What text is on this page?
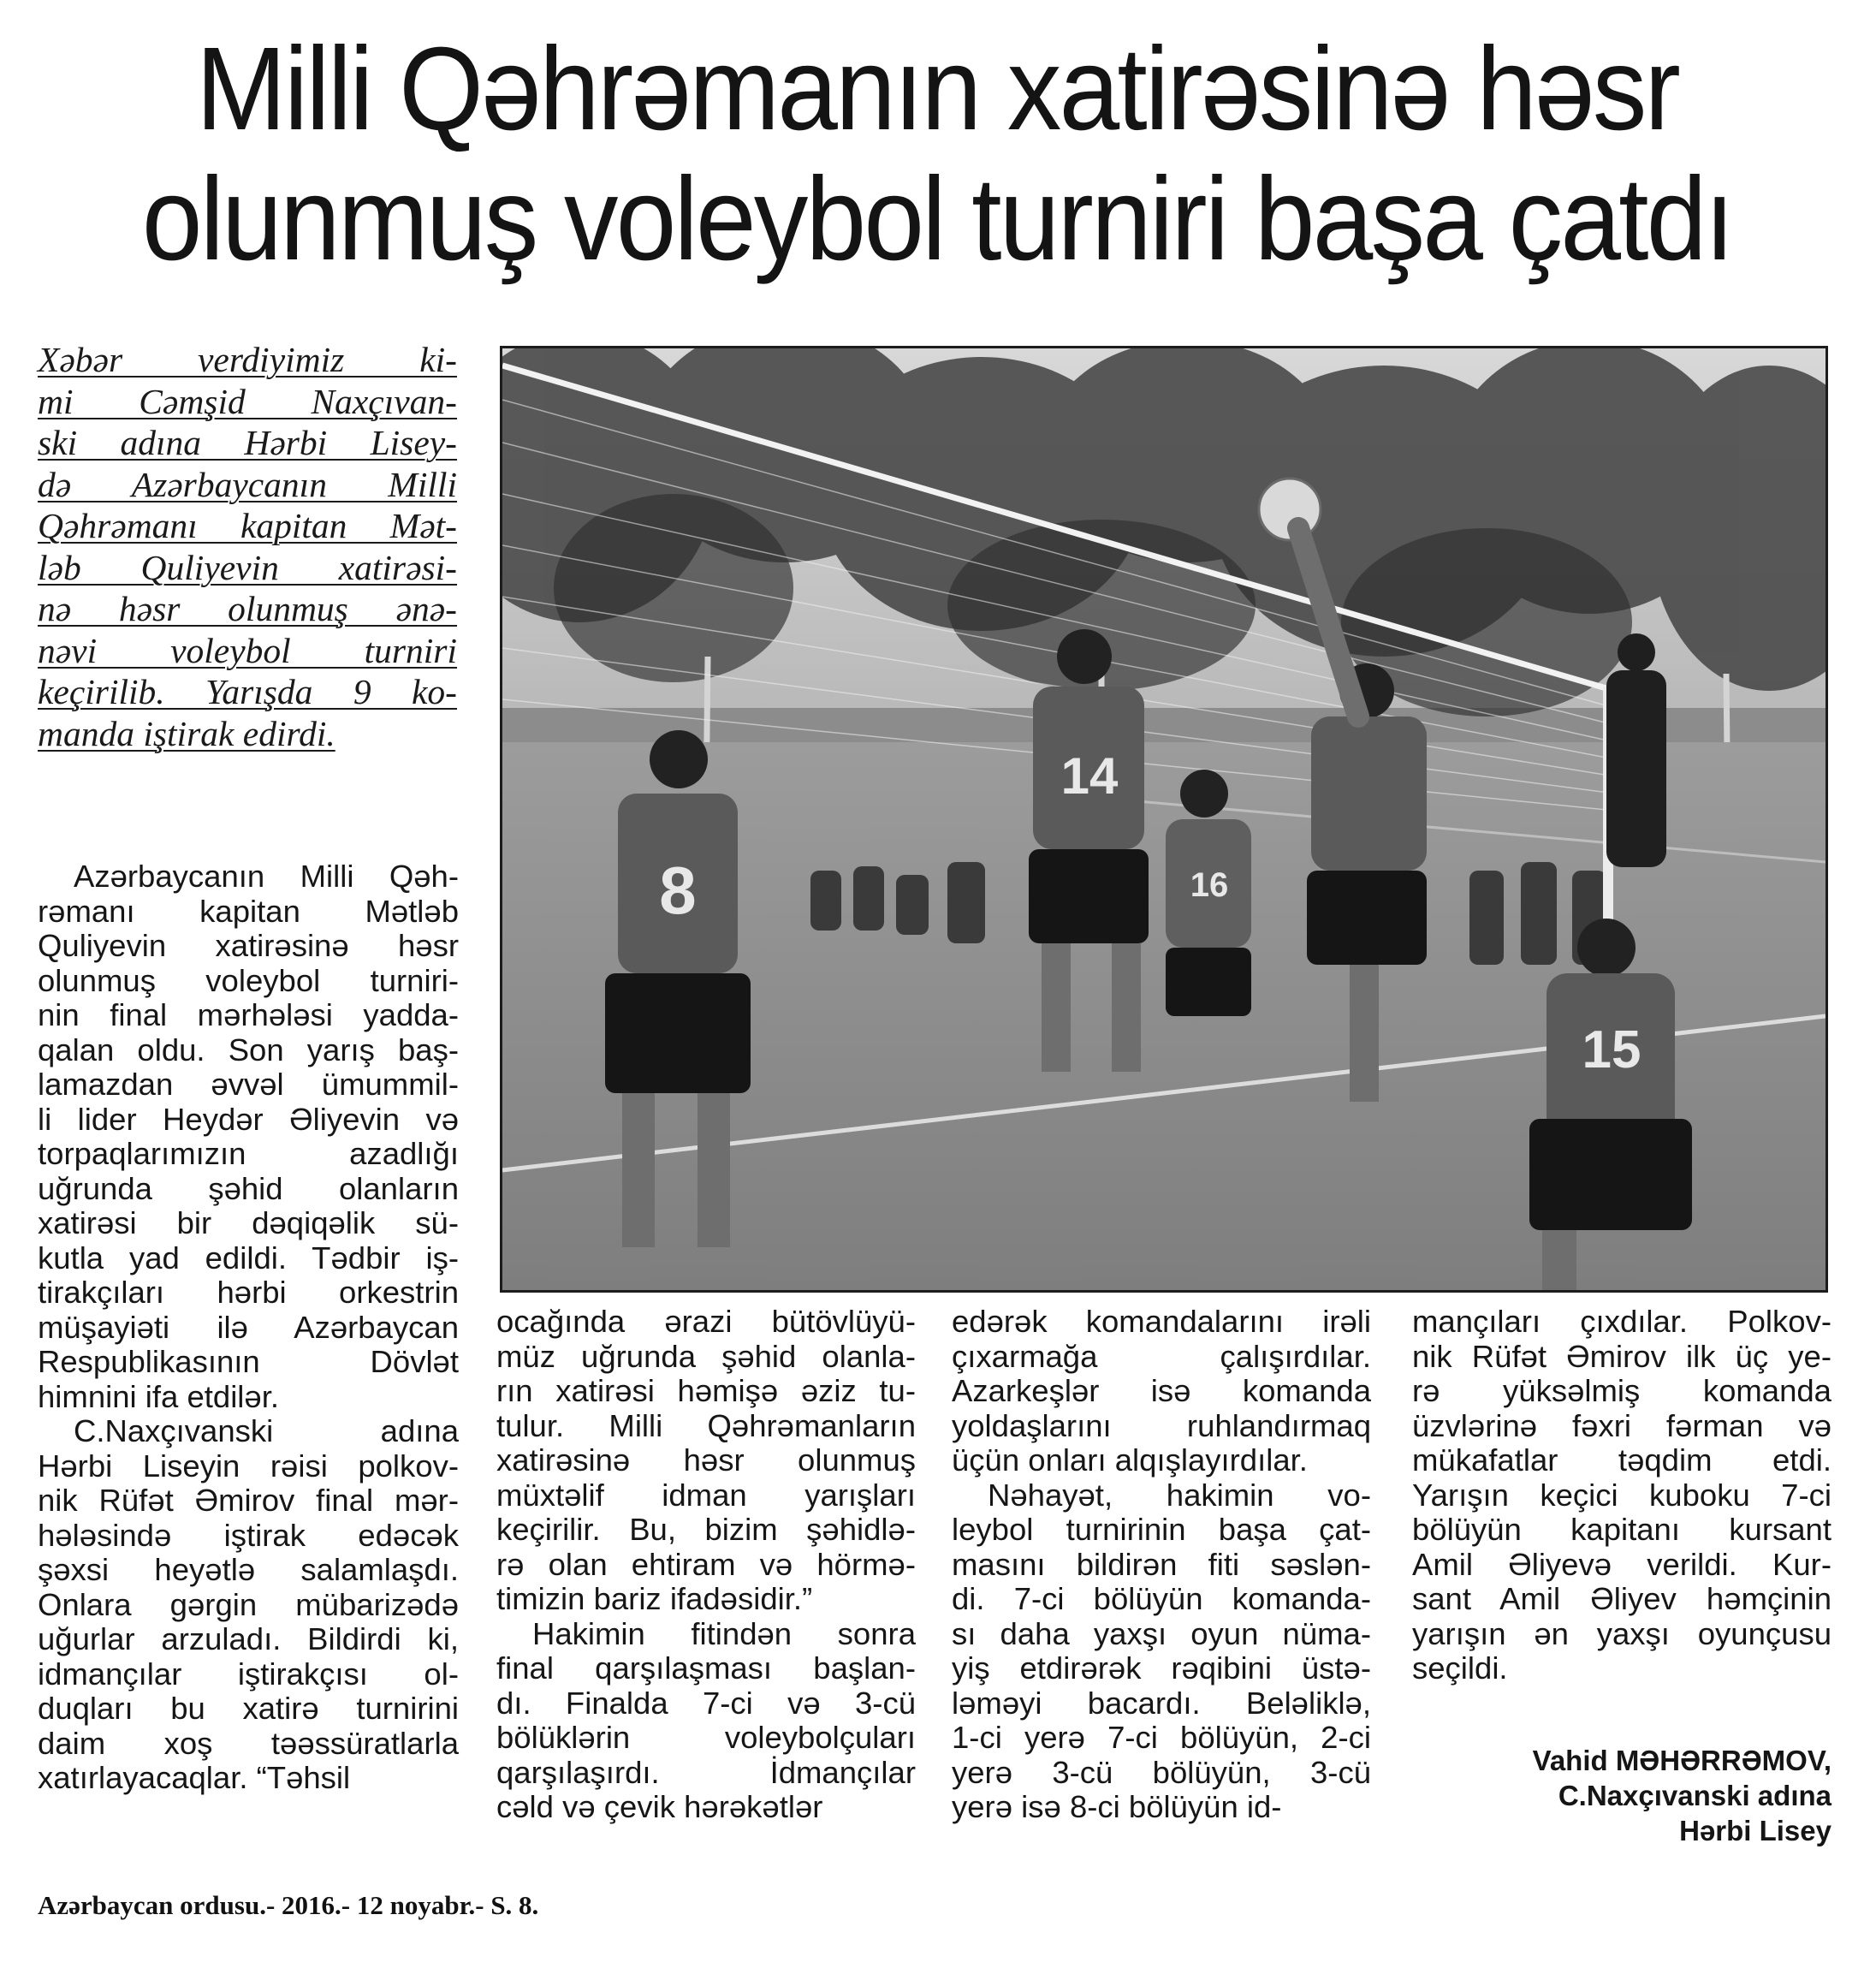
Milli Qəhrəmanın xatirəsinə həsr
olunmuş voleybol turniri başa çatdı
Xəbər verdiyimiz ki-
mi Cəmşid Naxçıvan-
ski adına Hərbi Lisey-
də Azərbaycanın Milli
Qəhrəmanı kapitan Mət-
ləb Quliyevin xatirəsi-
nə həsr olunmuş ənə-
nəvi voleybol turniri
keçirilib. Yarışda 9 ko-
manda iştirak edirdi.
8
14
16
15
Azərbaycanın Milli Qəh-
rəmanı kapitan Mətləb
Quliyevin xatirəsinə həsr
olunmuş voleybol turniri-
nin final mərhələsi yadda-
qalan oldu. Son yarış baş-
lamazdan əvvəl ümummil-
li lider Heydər Əliyevin və
torpaqlarımızın azadlığı
uğrunda şəhid olanların
xatirəsi bir dəqiqəlik sü-
kutla yad edildi. Tədbir iş-
tirakçıları hərbi orkestrin
müşayiəti ilə Azərbaycan
Respublikasının Dövlət
himnini ifa etdilər.
C.Naxçıvanski adına
Hərbi Liseyin rəisi polkov-
nik Rüfət Əmirov final mər-
hələsində iştirak edəcək
şəxsi heyətlə salamlaşdı.
Onlara gərgin mübarizədə
uğurlar arzuladı. Bildirdi ki,
idmançılar iştirakçısı ol-
duqları bu xatirə turnirini
daim xoş təəssüratlarla
xatırlayacaqlar. “Təhsil
ocağında ərazi bütövlüyü-
müz uğrunda şəhid olanla-
rın xatirəsi həmişə əziz tu-
tulur. Milli Qəhrəmanların
xatirəsinə həsr olunmuş
müxtəlif idman yarışları
keçirilir. Bu, bizim şəhidlə-
rə olan ehtiram və hörmə-
timizin bariz ifadəsidir.”
Hakimin fitindən sonra
final qarşılaşması başlan-
dı. Finalda 7-ci və 3-cü
bölüklərin voleybolçuları
qarşılaşırdı. İdmançılar
cəld və çevik hərəkətlər
edərək komandalarını irəli
çıxarmağa çalışırdılar.
Azarkeşlər isə komanda
yoldaşlarını ruhlandırmaq
üçün onları alqışlayırdılar.
Nəhayət, hakimin vo-
leybol turnirinin başa çat-
masını bildirən fiti səslən-
di. 7-ci bölüyün komanda-
sı daha yaxşı oyun nüma-
yiş etdirərək rəqibini üstə-
ləməyi bacardı. Beləliklə,
1-ci yerə 7-ci bölüyün, 2-ci
yerə 3-cü bölüyün, 3-cü
yerə isə 8-ci bölüyün id-
mançıları çıxdılar. Polkov-
nik Rüfət Əmirov ilk üç ye-
rə yüksəlmiş komanda
üzvlərinə fəxri fərman və
mükafatlar təqdim etdi.
Yarışın keçici kuboku 7-ci
bölüyün kapitanı kursant
Amil Əliyevə verildi. Kur-
sant Amil Əliyev həmçinin
yarışın ən yaxşı oyunçusu
seçildi.
Vahid MƏHƏRRƏMOV,
C.Naxçıvanski adına
Hərbi Lisey
Azərbaycan ordusu.- 2016.- 12 noyabr.- S. 8.
